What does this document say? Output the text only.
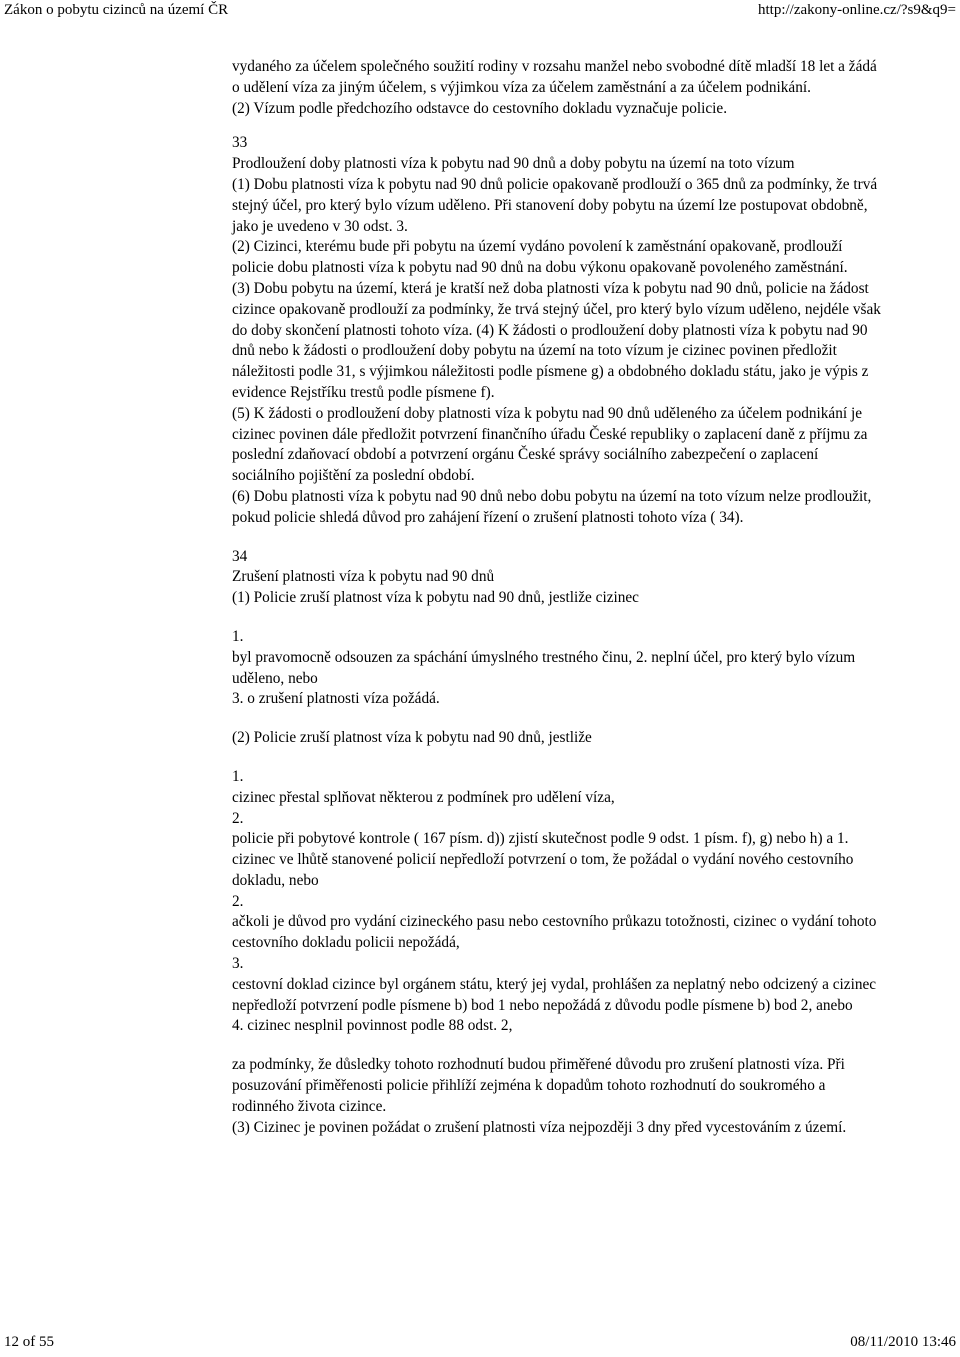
Zákon o pobytu cizinců na území ČR	http://zakony-online.cz/?s9&q9=

vydaného za účelem společného soužití rodiny v rozsahu manžel nebo svobodné dítě mladší 18 let a žádá o udělení víza za jiným účelem, s výjimkou víza za účelem zaměstnání a za účelem podnikání.

(2) Vízum podle předchozího odstavce do cestovního dokladu vyznačuje policie.

33

Prodloužení doby platnosti víza k pobytu nad 90 dnů a doby pobytu na území na toto vízum

(1) Dobu platnosti víza k pobytu nad 90 dnů policie opakovaně prodlouží o 365 dnů za podmínky, že trvá stejný účel, pro který bylo vízum uděleno. Při stanovení doby pobytu na území lze postupovat obdobně, jako je uvedeno v 30 odst. 3.

(2) Cizinci, kterému bude při pobytu na území vydáno povolení k zaměstnání opakovaně, prodlouží policie dobu platnosti víza k pobytu nad 90 dnů na dobu výkonu opakovaně povoleného zaměstnání.

(3) Dobu pobytu na území, která je kratší než doba platnosti víza k pobytu nad 90 dnů, policie na žádost cizince opakovaně prodlouží za podmínky, že trvá stejný účel, pro který bylo vízum uděleno, nejdéle však do doby skončení platnosti tohoto víza. (4) K žádosti o prodloužení doby platnosti víza k pobytu nad 90 dnů nebo k žádosti o prodloužení doby pobytu na území na toto vízum je cizinec povinen předložit náležitosti podle 31, s výjimkou náležitosti podle písmene g) a obdobného dokladu státu, jako je výpis z evidence Rejstříku trestů podle písmene f).

(5) K žádosti o prodloužení doby platnosti víza k pobytu nad 90 dnů uděleného za účelem podnikání je cizinec povinen dále předložit potvrzení finančního úřadu České republiky o zaplacení daně z příjmu za poslední zdaňovací období a potvrzení orgánu České správy sociálního zabezpečení o zaplacení sociálního pojištění za poslední období.

(6) Dobu platnosti víza k pobytu nad 90 dnů nebo dobu pobytu na území na toto vízum nelze prodloužit, pokud policie shledá důvod pro zahájení řízení o zrušení platnosti tohoto víza ( 34).

34

Zrušení platnosti víza k pobytu nad 90 dnů

(1) Policie zruší platnost víza k pobytu nad 90 dnů, jestliže cizinec

1.

byl pravomocně odsouzen za spáchání úmyslného trestného činu, 2. neplní účel, pro který bylo vízum uděleno, nebo

3. o zrušení platnosti víza požádá.

(2) Policie zruší platnost víza k pobytu nad 90 dnů, jestliže

1.

cizinec přestal splňovat některou z podmínek pro udělení víza,

2.

policie při pobytové kontrole ( 167 písm. d)) zjistí skutečnost podle 9 odst. 1 písm. f), g) nebo h) a 1.

cizinec ve lhůtě stanovené policií nepředloží potvrzení o tom, že požádal o vydání nového cestovního dokladu, nebo

2.

ačkoli je důvod pro vydání cizineckého pasu nebo cestovního průkazu totožnosti, cizinec o vydání tohoto cestovního dokladu policii nepožádá,

3.

cestovní doklad cizince byl orgánem státu, který jej vydal, prohlášen za neplatný nebo odcizený a cizinec nepředloží potvrzení podle písmene b) bod 1 nebo nepožádá z důvodu podle písmene b) bod 2, anebo

4. cizinec nesplnil povinnost podle 88 odst. 2,

za podmínky, že důsledky tohoto rozhodnutí budou přiměřené důvodu pro zrušení platnosti víza. Při posuzování přiměřenosti policie přihlíží zejména k dopadům tohoto rozhodnutí do soukromého a rodinného života cizince.

(3) Cizinec je povinen požádat o zrušení platnosti víza nejpozději 3 dny před vycestováním z území.

12 of 55	08/11/2010 13:46
